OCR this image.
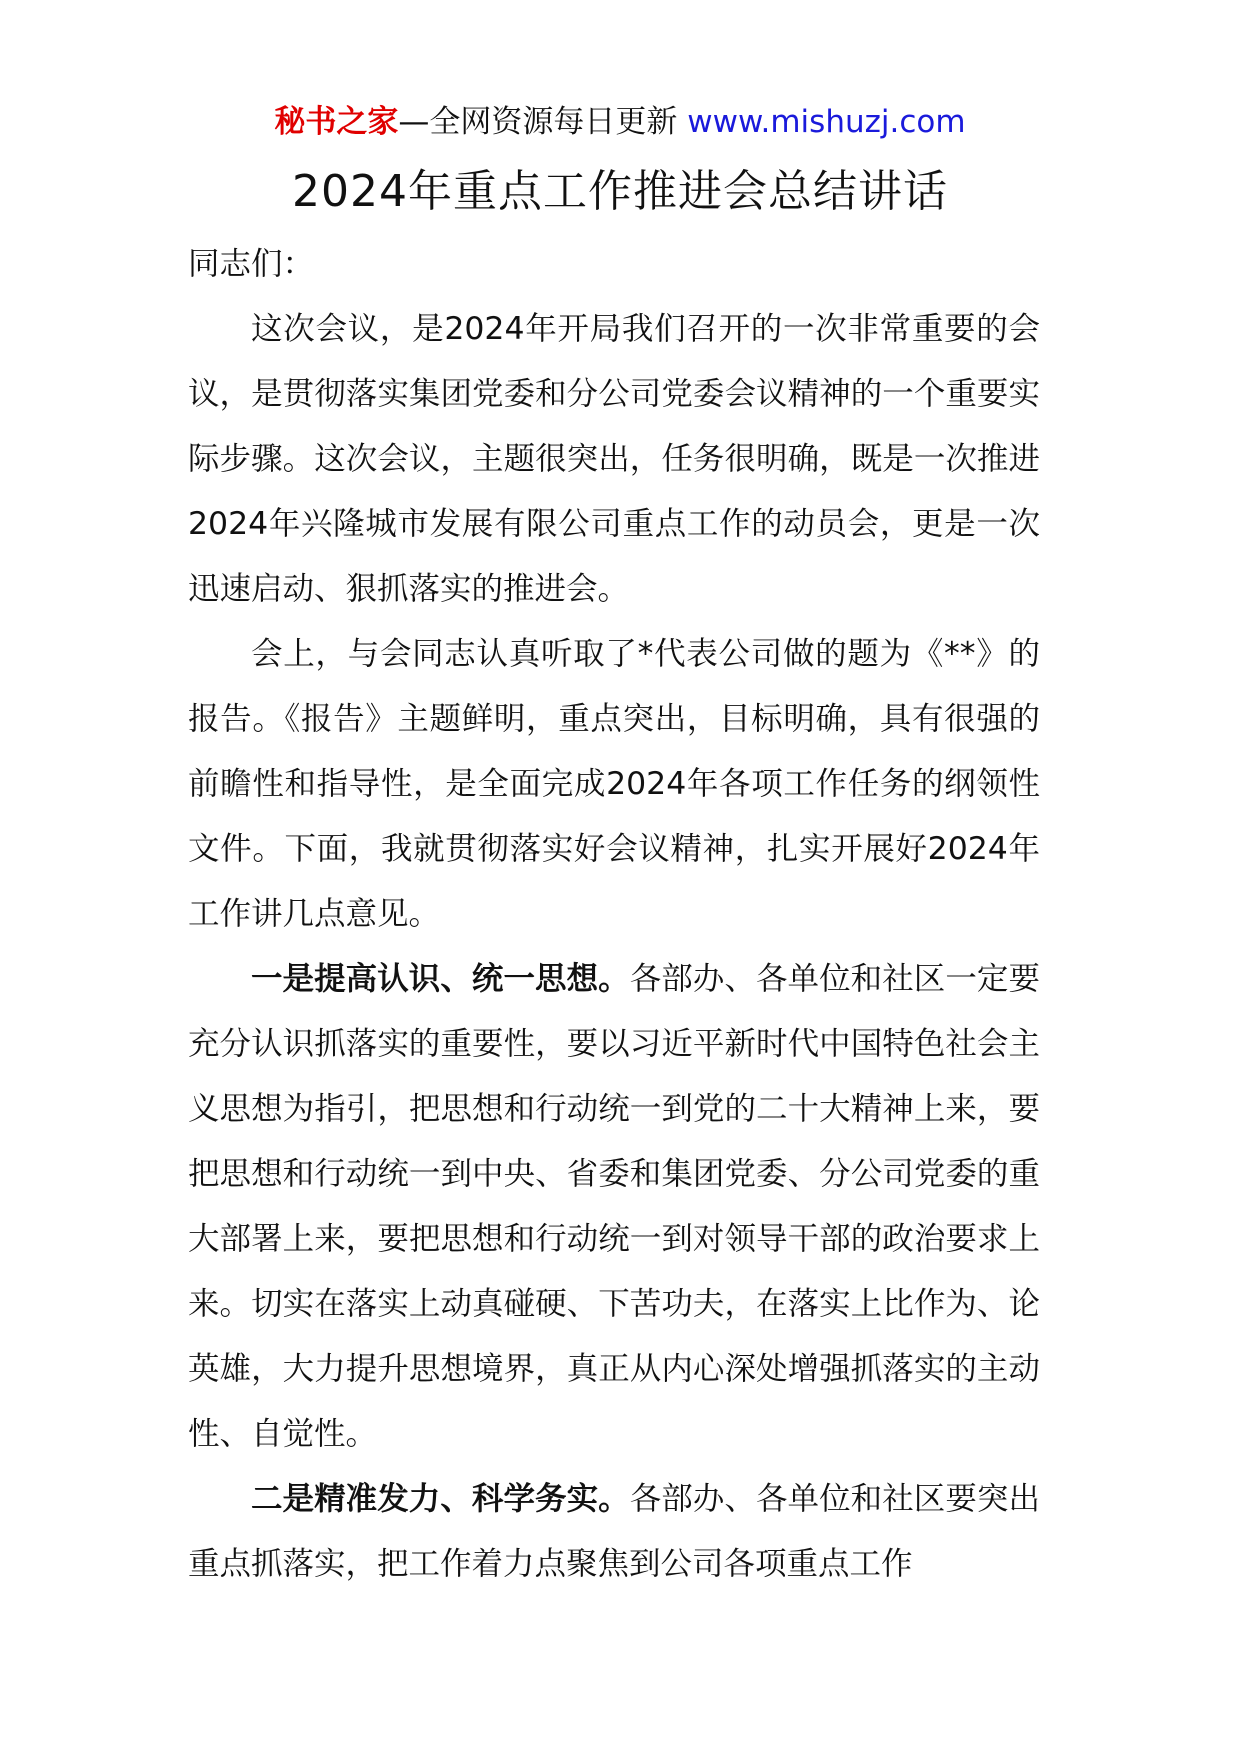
秘书之家—全网资源每日更新 www.mishuzj.com
2024年重点工作推进会总结讲话

同志们：

这次会议，是2024年开局我们召开的一次非常重要的会议，是贯彻落实集团党委和分公司党委会议精神的一个重要实际步骤。这次会议，主题很突出，任务很明确，既是一次推进2024年兴隆城市发展有限公司重点工作的动员会，更是一次迅速启动、狠抓落实的推进会。

会上，与会同志认真听取了*代表公司做的题为《**》的报告。《报告》主题鲜明，重点突出，目标明确，具有很强的前瞻性和指导性，是全面完成2024年各项工作任务的纲领性文件。下面，我就贯彻落实好会议精神，扎实开展好2024年工作讲几点意见。

一是提高认识、统一思想。各部办、各单位和社区一定要充分认识抓落实的重要性，要以习近平新时代中国特色社会主义思想为指引，把思想和行动统一到党的二十大精神上来，要把思想和行动统一到中央、省委和集团党委、分公司党委的重大部署上来，要把思想和行动统一到对领导干部的政治要求上来。切实在落实上动真碰硬、下苦功夫，在落实上比作为、论英雄，大力提升思想境界，真正从内心深处增强抓落实的主动性、自觉性。

二是精准发力、科学务实。各部办、各单位和社区要突出重点抓落实，把工作着力点聚焦到公司各项重点工作
